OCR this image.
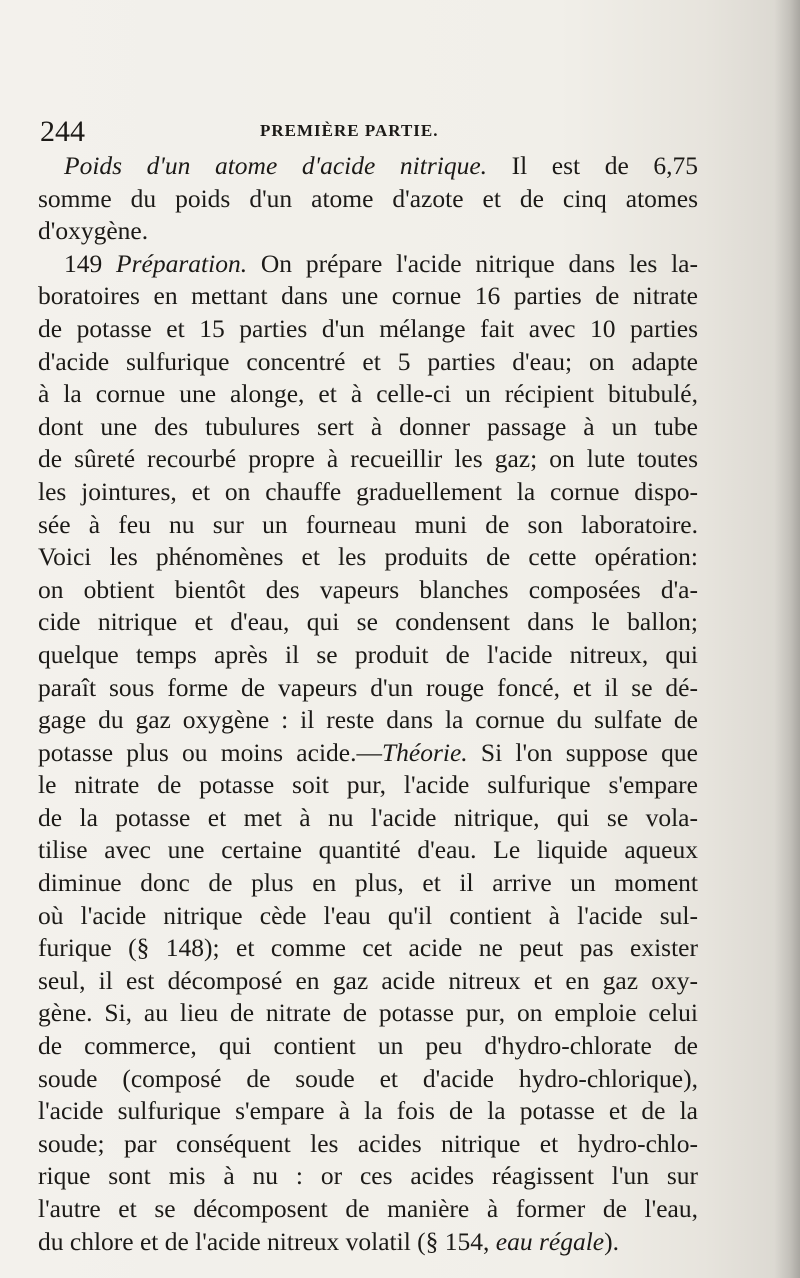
244	PREMIÈRE PARTIE.
Poids d'un atome d'acide nitrique. Il est de 6,75
somme du poids d'un atome d'azote et de cinq atomes
d'oxygène.
149 Préparation. On prépare l'acide nitrique dans les la-
boratoires en mettant dans une cornue 16 parties de nitrate
de potasse et 15 parties d'un mélange fait avec 10 parties
d'acide sulfurique concentré et 5 parties d'eau; on adapte
à la cornue une alonge, et à celle-ci un récipient bitubulé,
dont une des tubulures sert à donner passage à un tube
de sûreté recourbé propre à recueillir les gaz; on lute toutes
les jointures, et on chauffe graduellement la cornue dispo-
sée à feu nu sur un fourneau muni de son laboratoire.
Voici les phénomènes et les produits de cette opération:
on obtient bientôt des vapeurs blanches composées d'a-
cide nitrique et d'eau, qui se condensent dans le ballon;
quelque temps après il se produit de l'acide nitreux, qui
paraît sous forme de vapeurs d'un rouge foncé, et il se dé-
gage du gaz oxygène : il reste dans la cornue du sulfate de
potasse plus ou moins acide.—Théorie. Si l'on suppose que
le nitrate de potasse soit pur, l'acide sulfurique s'empare
de la potasse et met à nu l'acide nitrique, qui se vola-
tilise avec une certaine quantité d'eau. Le liquide aqueux
diminue donc de plus en plus, et il arrive un moment
où l'acide nitrique cède l'eau qu'il contient à l'acide sul-
furique (§ 148); et comme cet acide ne peut pas exister
seul, il est décomposé en gaz acide nitreux et en gaz oxy-
gène. Si, au lieu de nitrate de potasse pur, on emploie celui
de commerce, qui contient un peu d'hydro-chlorate de
soude (composé de soude et d'acide hydro-chlorique),
l'acide sulfurique s'empare à la fois de la potasse et de la
soude; par conséquent les acides nitrique et hydro-chlo-
rique sont mis à nu : or ces acides réagissent l'un sur
l'autre et se décomposent de manière à former de l'eau,
du chlore et de l'acide nitreux volatil (§ 154, eau régale).
